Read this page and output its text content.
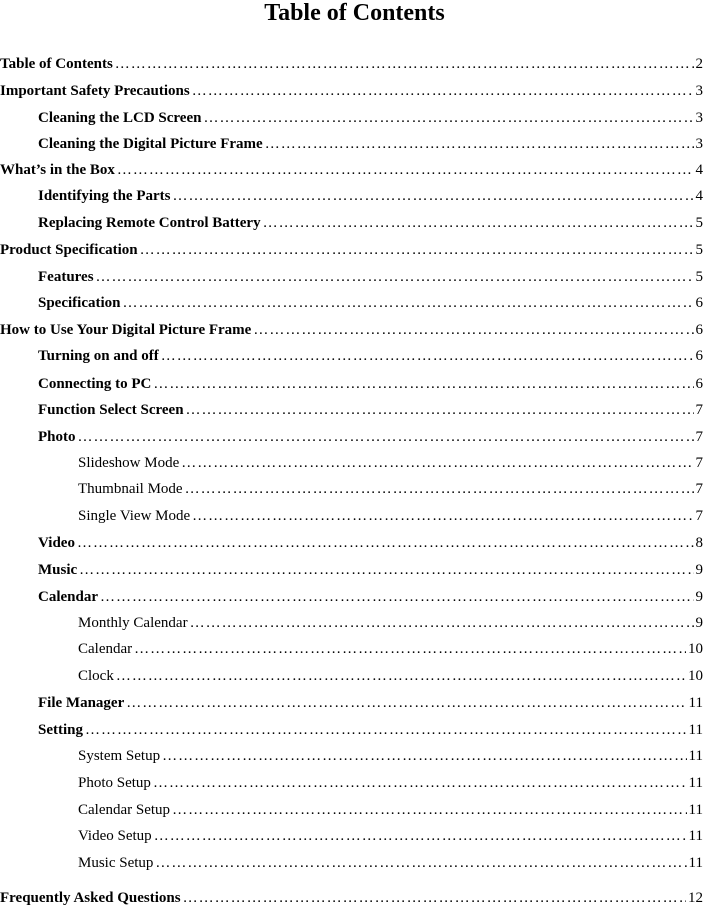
Table of Contents
Table of Contents ………………………………………………………………………………………………………………………………………………………………………………………………………………	2
Important Safety Precautions ………………………………………………………………………………………………………………………………………………………………………………………………………………	3
Cleaning the LCD Screen ………………………………………………………………………………………………………………………………………………………………………………………………………………	3
Cleaning the Digital Picture Frame ………………………………………………………………………………………………………………………………………………………………………………………………………………	3
What’s in the Box ………………………………………………………………………………………………………………………………………………………………………………………………………………	4
Identifying the Parts ………………………………………………………………………………………………………………………………………………………………………………………………………………	4
Replacing Remote Control Battery ………………………………………………………………………………………………………………………………………………………………………………………………………………	5
Product Specification ………………………………………………………………………………………………………………………………………………………………………………………………………………	5
Features ………………………………………………………………………………………………………………………………………………………………………………………………………………	5
Specification ………………………………………………………………………………………………………………………………………………………………………………………………………………	6
How to Use Your Digital Picture Frame ………………………………………………………………………………………………………………………………………………………………………………………………………………	6
Turning on and off ………………………………………………………………………………………………………………………………………………………………………………………………………………	6
Connecting to PC ………………………………………………………………………………………………………………………………………………………………………………………………………………	6
Function Select Screen ………………………………………………………………………………………………………………………………………………………………………………………………………………	7
Photo ………………………………………………………………………………………………………………………………………………………………………………………………………………	7
Slideshow Mode ………………………………………………………………………………………………………………………………………………………………………………………………………………	7
Thumbnail Mode ………………………………………………………………………………………………………………………………………………………………………………………………………………	7
Single View Mode ………………………………………………………………………………………………………………………………………………………………………………………………………………	7
Video ………………………………………………………………………………………………………………………………………………………………………………………………………………	8
Music ………………………………………………………………………………………………………………………………………………………………………………………………………………	9
Calendar ………………………………………………………………………………………………………………………………………………………………………………………………………………	9
Monthly Calendar ………………………………………………………………………………………………………………………………………………………………………………………………………………	9
Calendar ………………………………………………………………………………………………………………………………………………………………………………………………………………	10
Clock ………………………………………………………………………………………………………………………………………………………………………………………………………………	10
File Manager ………………………………………………………………………………………………………………………………………………………………………………………………………………	11
Setting ………………………………………………………………………………………………………………………………………………………………………………………………………………	11
System Setup ………………………………………………………………………………………………………………………………………………………………………………………………………………	11
Photo Setup ………………………………………………………………………………………………………………………………………………………………………………………………………………	11
Calendar Setup ………………………………………………………………………………………………………………………………………………………………………………………………………………	11
Video Setup ………………………………………………………………………………………………………………………………………………………………………………………………………………	11
Music Setup ………………………………………………………………………………………………………………………………………………………………………………………………………………	11
Frequently Asked Questions ………………………………………………………………………………………………………………………………………………………………………………………………………………	12
